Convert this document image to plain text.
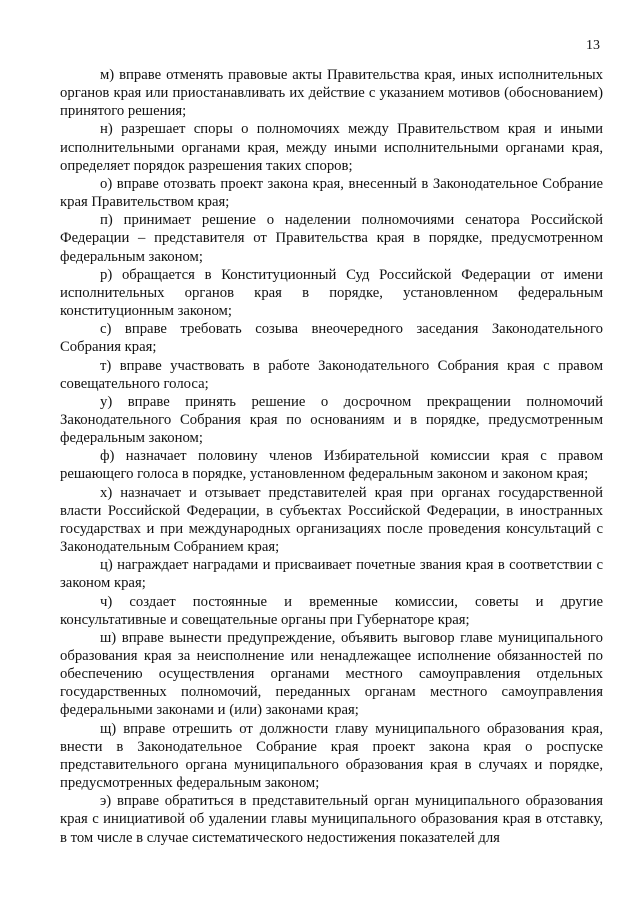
13

м) вправе отменять правовые акты Правительства края, иных исполнительных органов края или приостанавливать их действие с указанием мотивов (обоснованием) принятого решения;

н) разрешает споры о полномочиях между Правительством края и иными исполнительными органами края, между иными исполнительными органами края, определяет порядок разрешения таких споров;

о) вправе отозвать проект закона края, внесенный в Законодательное Собрание края Правительством края;

п) принимает решение о наделении полномочиями сенатора Российской Федерации – представителя от Правительства края в порядке, предусмотренном федеральным законом;

р) обращается в Конституционный Суд Российской Федерации от имени исполнительных органов края в порядке, установленном федеральным конституционным законом;

с) вправе требовать созыва внеочередного заседания Законодательного Собрания края;

т) вправе участвовать в работе Законодательного Собрания края с правом совещательного голоса;

у) вправе принять решение о досрочном прекращении полномочий Законодательного Собрания края по основаниям и в порядке, предусмотренным федеральным законом;

ф) назначает половину членов Избирательной комиссии края с правом решающего голоса в порядке, установленном федеральным законом и законом края;

х) назначает и отзывает представителей края при органах государственной власти Российской Федерации, в субъектах Российской Федерации, в иностранных государствах и при международных организациях после проведения консультаций с Законодательным Собранием края;

ц) награждает наградами и присваивает почетные звания края в соответствии с законом края;

ч) создает постоянные и временные комиссии, советы и другие консультативные и совещательные органы при Губернаторе края;

ш) вправе вынести предупреждение, объявить выговор главе муниципального образования края за неисполнение или ненадлежащее исполнение обязанностей по обеспечению осуществления органами местного самоуправления отдельных государственных полномочий, переданных органам местного самоуправления федеральными законами и (или) законами края;

щ) вправе отрешить от должности главу муниципального образования края, внести в Законодательное Собрание края проект закона края о роспуске представительного органа муниципального образования края в случаях и порядке, предусмотренных федеральным законом;

э) вправе обратиться в представительный орган муниципального образования края с инициативой об удалении главы муниципального образования края в отставку, в том числе в случае систематического недостижения показателей для
